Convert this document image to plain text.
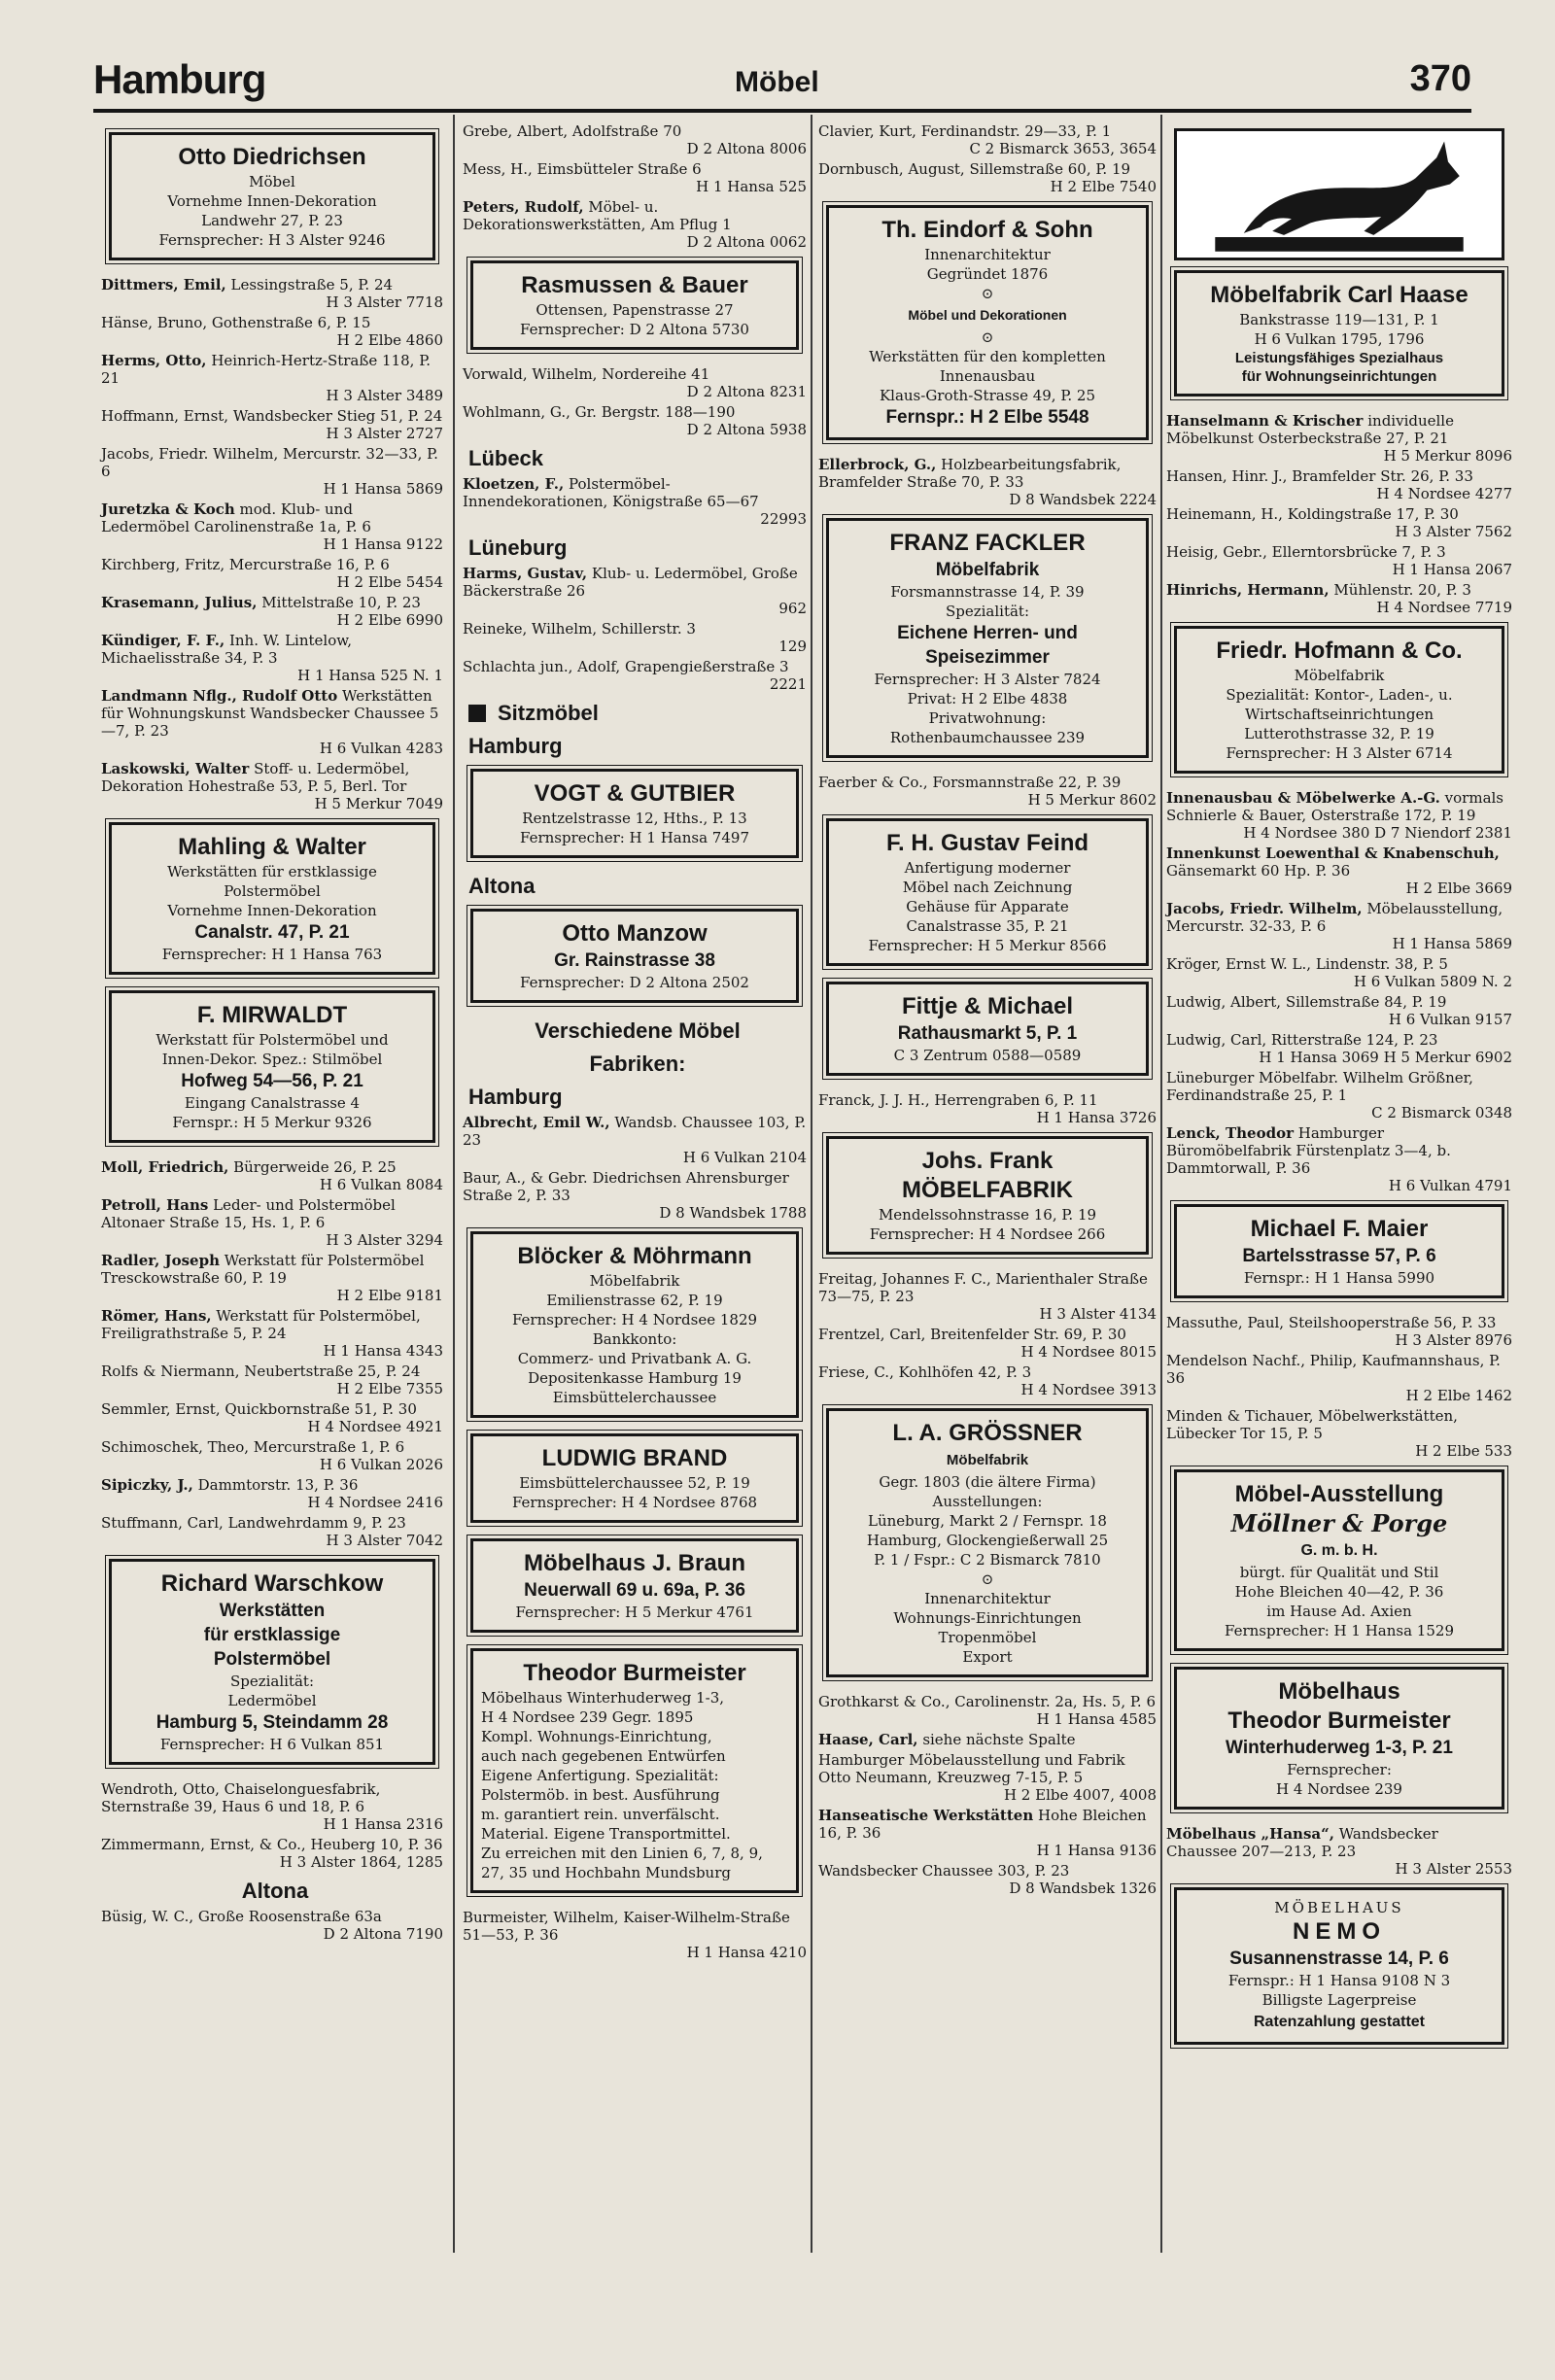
Hamburg	Möbel	370
Otto Diedrichsen
Möbel
Vornehme Innen-Dekoration
Landwehr 27, P. 23
Fernsprecher: H 3 Alster 9246
Dittmers, Emil, Lessingstraße 5, P. 24
H 3 Alster 7718
Hänse, Bruno, Gothenstraße 6, P. 15
H 2 Elbe 4860
Herms, Otto, Heinrich-Hertz-Straße 118, P. 21
H 3 Alster 3489
Hoffmann, Ernst, Wandsbecker Stieg 51, P. 24
H 3 Alster 2727
Jacobs, Friedr. Wilhelm, Mercurstr. 32—33, P. 6
H 1 Hansa 5869
Juretzka & Koch mod. Klub- und Ledermöbel Carolinenstraße 1a, P. 6
H 1 Hansa 9122
Kirchberg, Fritz, Mercurstraße 16, P. 6
H 2 Elbe 5454
Krasemann, Julius, Mittelstraße 10, P. 23
H 2 Elbe 6990
Kündiger, F. F., Inh. W. Lintelow, Michaelisstraße 34, P. 3
H 1 Hansa 525 N. 1
Landmann Nflg., Rudolf Otto Werkstätten für Wohnungskunst Wandsbecker Chaussee 5—7, P. 23
H 6 Vulkan 4283
Laskowski, Walter Stoff- u. Ledermöbel, Dekoration Hohestraße 53, P. 5, Berl. Tor
H 5 Merkur 7049
Mahling & Walter
Werkstätten für erstklassige
Polstermöbel
Vornehme Innen-Dekoration
Canalstr. 47, P. 21
Fernsprecher: H 1 Hansa 763
F. MIRWALDT
Werkstatt für Polstermöbel und
Innen-Dekor. Spez.: Stilmöbel
Hofweg 54—56, P. 21
Eingang Canalstrasse 4
Fernspr.: H 5 Merkur 9326
Moll, Friedrich, Bürgerweide 26, P. 25
H 6 Vulkan 8084
Petroll, Hans Leder- und Polstermöbel Altonaer Straße 15, Hs. 1, P. 6
H 3 Alster 3294
Radler, Joseph Werkstatt für Polstermöbel Tresckowstraße 60, P. 19
H 2 Elbe 9181
Römer, Hans, Werkstatt für Polstermöbel, Freiligrathstraße 5, P. 24
H 1 Hansa 4343
Rolfs & Niermann, Neubertstraße 25, P. 24
H 2 Elbe 7355
Semmler, Ernst, Quickbornstraße 51, P. 30
H 4 Nordsee 4921
Schimoschek, Theo, Mercurstraße 1, P. 6
H 6 Vulkan 2026
Sipiczky, J., Dammtorstr. 13, P. 36
H 4 Nordsee 2416
Stuffmann, Carl, Landwehrdamm 9, P. 23
H 3 Alster 7042
Richard Warschkow
Werkstätten
für erstklassige
Polstermöbel
Spezialität:
Ledermöbel
Hamburg 5, Steindamm 28
Fernsprecher: H 6 Vulkan 851
Wendroth, Otto, Chaiselonguesfabrik, Sternstraße 39, Haus 6 und 18, P. 6
H 1 Hansa 2316
Zimmermann, Ernst, & Co., Heuberg 10, P. 36
H 3 Alster 1864, 1285
Altona
Büsig, W. C., Große Roosenstraße 63a
D 2 Altona 7190
Grebe, Albert, Adolfstraße 70
D 2 Altona 8006
Mess, H., Eimsbütteler Straße 6
H 1 Hansa 525
Peters, Rudolf, Möbel- u. Dekorationswerkstätten, Am Pflug 1
D 2 Altona 0062
Rasmussen & Bauer
Ottensen, Papenstrasse 27
Fernsprecher: D 2 Altona 5730
Vorwald, Wilhelm, Nordereihe 41
D 2 Altona 8231
Wohlmann, G., Gr. Bergstr. 188—190
D 2 Altona 5938
Lübeck
Kloetzen, F., Polstermöbel-Innendekorationen, Königstraße 65—67
22993
Lüneburg
Harms, Gustav, Klub- u. Ledermöbel, Große Bäckerstraße 26
962
Reineke, Wilhelm, Schillerstr. 3
129
Schlachta jun., Adolf, Grapengießerstraße 3
2221
Sitzmöbel
Hamburg
VOGT & GUTBIER
Rentzelstrasse 12, Hths., P. 13
Fernsprecher: H 1 Hansa 7497
Altona
Otto Manzow
Gr. Rainstrasse 38
Fernsprecher: D 2 Altona 2502
Verschiedene Möbel
Fabriken:
Hamburg
Albrecht, Emil W., Wandsb. Chaussee 103, P. 23
H 6 Vulkan 2104
Baur, A., & Gebr. Diedrichsen Ahrensburger Straße 2, P. 33
D 8 Wandsbek 1788
Blöcker & Möhrmann
Möbelfabrik
Emilienstrasse 62, P. 19
Fernsprecher: H 4 Nordsee 1829
Bankkonto:
Commerz- und Privatbank A. G.
Depositenkasse Hamburg 19
Eimsbüttelerchaussee
LUDWIG BRAND
Eimsbüttelerchaussee 52, P. 19
Fernsprecher: H 4 Nordsee 8768
Möbelhaus J. Braun
Neuerwall 69 u. 69a, P. 36
Fernsprecher: H 5 Merkur 4761
Theodor Burmeister
Möbelhaus Winterhuderweg 1-3,
H 4 Nordsee 239 Gegr. 1895
Kompl. Wohnungs-Einrichtung,
auch nach gegebenen Entwürfen
Eigene Anfertigung. Spezialität:
Polstermöb. in best. Ausführung
m. garantiert rein. unverfälscht.
Material. Eigene Transportmittel.
Zu erreichen mit den Linien 6, 7, 8, 9,
27, 35 und Hochbahn Mundsburg
Burmeister, Wilhelm, Kaiser-Wilhelm-Straße 51—53, P. 36
H 1 Hansa 4210
Clavier, Kurt, Ferdinandstr. 29—33, P. 1
C 2 Bismarck 3653, 3654
Dornbusch, August, Sillemstraße 60, P. 19
H 2 Elbe 7540
Th. Eindorf & Sohn
Innenarchitektur
Gegründet 1876
⊙
Möbel und Dekorationen
⊙
Werkstätten für den kompletten
Innenausbau
Klaus-Groth-Strasse 49, P. 25
Fernspr.: H 2 Elbe 5548
Ellerbrock, G., Holzbearbeitungsfabrik, Bramfelder Straße 70, P. 33
D 8 Wandsbek 2224
FRANZ FACKLER
Möbelfabrik
Forsmannstrasse 14, P. 39
Spezialität:
Eichene Herren- und
Speisezimmer
Fernsprecher: H 3 Alster 7824
Privat: H 2 Elbe 4838
Privatwohnung:
Rothenbaumchaussee 239
Faerber & Co., Forsmannstraße 22, P. 39
H 5 Merkur 8602
F. H. Gustav Feind
Anfertigung moderner
Möbel nach Zeichnung
Gehäuse für Apparate
Canalstrasse 35, P. 21
Fernsprecher: H 5 Merkur 8566
Fittje & Michael
Rathausmarkt 5, P. 1
C 3 Zentrum 0588—0589
Franck, J. J. H., Herrengraben 6, P. 11
H 1 Hansa 3726
Johs. Frank
MÖBELFABRIK
Mendelssohnstrasse 16, P. 19
Fernsprecher: H 4 Nordsee 266
Freitag, Johannes F. C., Marienthaler Straße 73—75, P. 23
H 3 Alster 4134
Frentzel, Carl, Breitenfelder Str. 69, P. 30
H 4 Nordsee 8015
Friese, C., Kohlhöfen 42, P. 3
H 4 Nordsee 3913
L. A. GRÖSSNER
Möbelfabrik
Gegr. 1803 (die ältere Firma)
Ausstellungen:
Lüneburg, Markt 2 / Fernspr. 18
Hamburg, Glockengießerwall 25
P. 1 / Fspr.: C 2 Bismarck 7810
⊙
Innenarchitektur
Wohnungs-Einrichtungen
Tropenmöbel
Export
Grothkarst & Co., Carolinenstr. 2a, Hs. 5, P. 6
H 1 Hansa 4585
Haase, Carl, siehe nächste Spalte
Hamburger Möbelausstellung und Fabrik Otto Neumann, Kreuzweg 7-15, P. 5
H 2 Elbe 4007, 4008
Hanseatische Werkstätten Hohe Bleichen 16, P. 36
H 1 Hansa 9136
Wandsbecker Chaussee 303, P. 23
D 8 Wandsbek 1326
Möbelfabrik Carl Haase
Bankstrasse 119—131, P. 1
H 6 Vulkan 1795, 1796
Leistungsfähiges Spezialhaus
für Wohnungseinrichtungen
Hanselmann & Krischer individuelle Möbelkunst Osterbeckstraße 27, P. 21
H 5 Merkur 8096
Hansen, Hinr. J., Bramfelder Str. 26, P. 33
H 4 Nordsee 4277
Heinemann, H., Koldingstraße 17, P. 30
H 3 Alster 7562
Heisig, Gebr., Ellerntorsbrücke 7, P. 3
H 1 Hansa 2067
Hinrichs, Hermann, Mühlenstr. 20, P. 3
H 4 Nordsee 7719
Friedr. Hofmann & Co.
Möbelfabrik
Spezialität: Kontor-, Laden-, u.
Wirtschaftseinrichtungen
Lutterothstrasse 32, P. 19
Fernsprecher: H 3 Alster 6714
Innenausbau & Möbelwerke A.-G. vormals Schnierle & Bauer, Osterstraße 172, P. 19
H 4 Nordsee 380 D 7 Niendorf 2381
Innenkunst Loewenthal & Knabenschuh, Gänsemarkt 60 Hp. P. 36
H 2 Elbe 3669
Jacobs, Friedr. Wilhelm, Möbelausstellung, Mercurstr. 32-33, P. 6
H 1 Hansa 5869
Kröger, Ernst W. L., Lindenstr. 38, P. 5
H 6 Vulkan 5809 N. 2
Ludwig, Albert, Sillemstraße 84, P. 19
H 6 Vulkan 9157
Ludwig, Carl, Ritterstraße 124, P. 23
H 1 Hansa 3069 H 5 Merkur 6902
Lüneburger Möbelfabr. Wilhelm Größner, Ferdinandstraße 25, P. 1
C 2 Bismarck 0348
Lenck, Theodor Hamburger Büromöbelfabrik Fürstenplatz 3—4, b. Dammtorwall, P. 36
H 6 Vulkan 4791
Michael F. Maier
Bartelsstrasse 57, P. 6
Fernspr.: H 1 Hansa 5990
Massuthe, Paul, Steilshooperstraße 56, P. 33
H 3 Alster 8976
Mendelson Nachf., Philip, Kaufmannshaus, P. 36
H 2 Elbe 1462
Minden & Tichauer, Möbelwerkstätten, Lübecker Tor 15, P. 5
H 2 Elbe 533
Möbel-Ausstellung
Möllner & Porge
G. m. b. H.
bürgt. für Qualität und Stil
Hohe Bleichen 40—42, P. 36
im Hause Ad. Axien
Fernsprecher: H 1 Hansa 1529
Möbelhaus
Theodor Burmeister
Winterhuderweg 1-3, P. 21
Fernsprecher:
H 4 Nordsee 239
Möbelhaus „Hansa“, Wandsbecker Chaussee 207—213, P. 23
H 3 Alster 2553
MÖBELHAUS
NEMO
Susannenstrasse 14, P. 6
Fernspr.: H 1 Hansa 9108 N 3
Billigste Lagerpreise
Ratenzahlung gestattet
